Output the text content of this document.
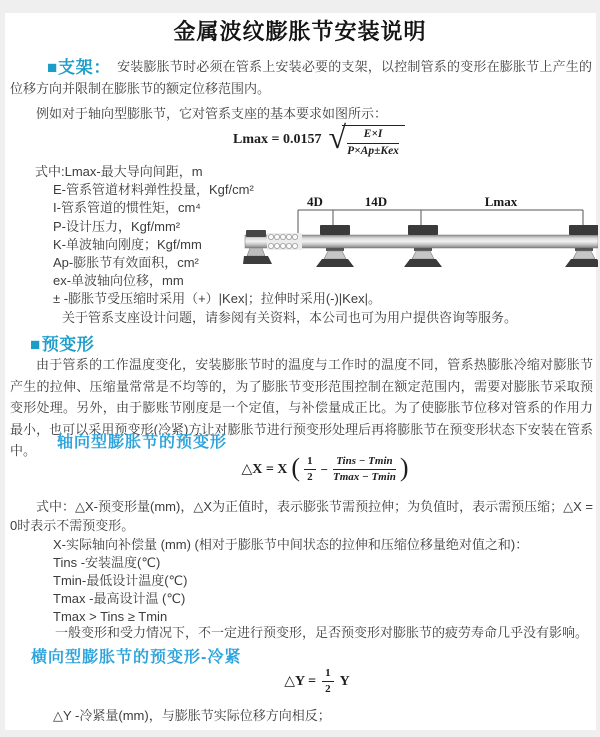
金属波纹膨胀节安装说明

■支架： 安装膨胀节时必须在管系上安装必要的支架，以控制管系的变形在膨胀节上产生的位移方向并限制在膨胀节的额定位移范围内。

例如对于轴向型膨胀节，它对管系支座的基本要求如图所示：

Lmax = 0.0157 √ $\frac{E\times I}{\text{P×Ap±Kex}}$
式中:Lmax-最大导向间距，m
E-管系管道材料弹性投量，Kgf/cm²
I-管系管道的惯性矩，cm⁴
P-设计压力，Kgf/mm²
K-单波轴向刚度；Kgf/mm
Ap-膨胀节有效面积，cm²
ex-单波轴向位移，mm
± -膨胀节受压缩时采用（+）|Kex|；拉伸时采用(-)|Kex|。

关于管系支座设计问题，请参阅有关资料，本公司也可为用户提供咨询等服务。

4D	14D	Lmax
■预变形

由于管系的工作温度变化，安装膨胀节时的温度与工作时的温度不同，管系热膨胀冷缩对膨胀节产生的拉伸、压缩量常常是不均等的，为了膨胀节变形范围控制在额定范围内，需要对膨胀节采取预变形处理。另外，由于膨账节刚度是一个定值，与补偿量成正比。为了使膨胀节位移对管系的作用力最小，也可以采用预变形(冷紧)方让对膨胀节进行预变形处理后再将膨胀节在预变形状态下安装在管系中。	轴向型膨胀节的预变形
△X = X ( $\frac{1}{2} - \frac{\text{Tins − Tmin}}{Tmax - Tmin}$ )

式中：△X-预变形量(mm)，△X为正值时，表示膨张节需预拉伸；为负值时，表示需预压缩；△X = 0时表示不需预变形。

X-实际轴向补偿量 (mm) (相对于膨胀节中间状态的拉伸和压缩位移量绝对值之和)：
Tins -安装温度(℃)
Tmin-最低设计温度(℃)
Tmax -最高设计温 (℃)
Tmax > Tins ≥ Tmin

一般变形和受力情况下，不一定进行预变形，足否预变形对膨胀节的疲劳寿命几乎没有影响。

横向型膨胀节的预变形-冷紧
△Y = $\frac{1}{2}$ Y

△Y -冷紧量(mm)，与膨胀节实际位移方向相反；
